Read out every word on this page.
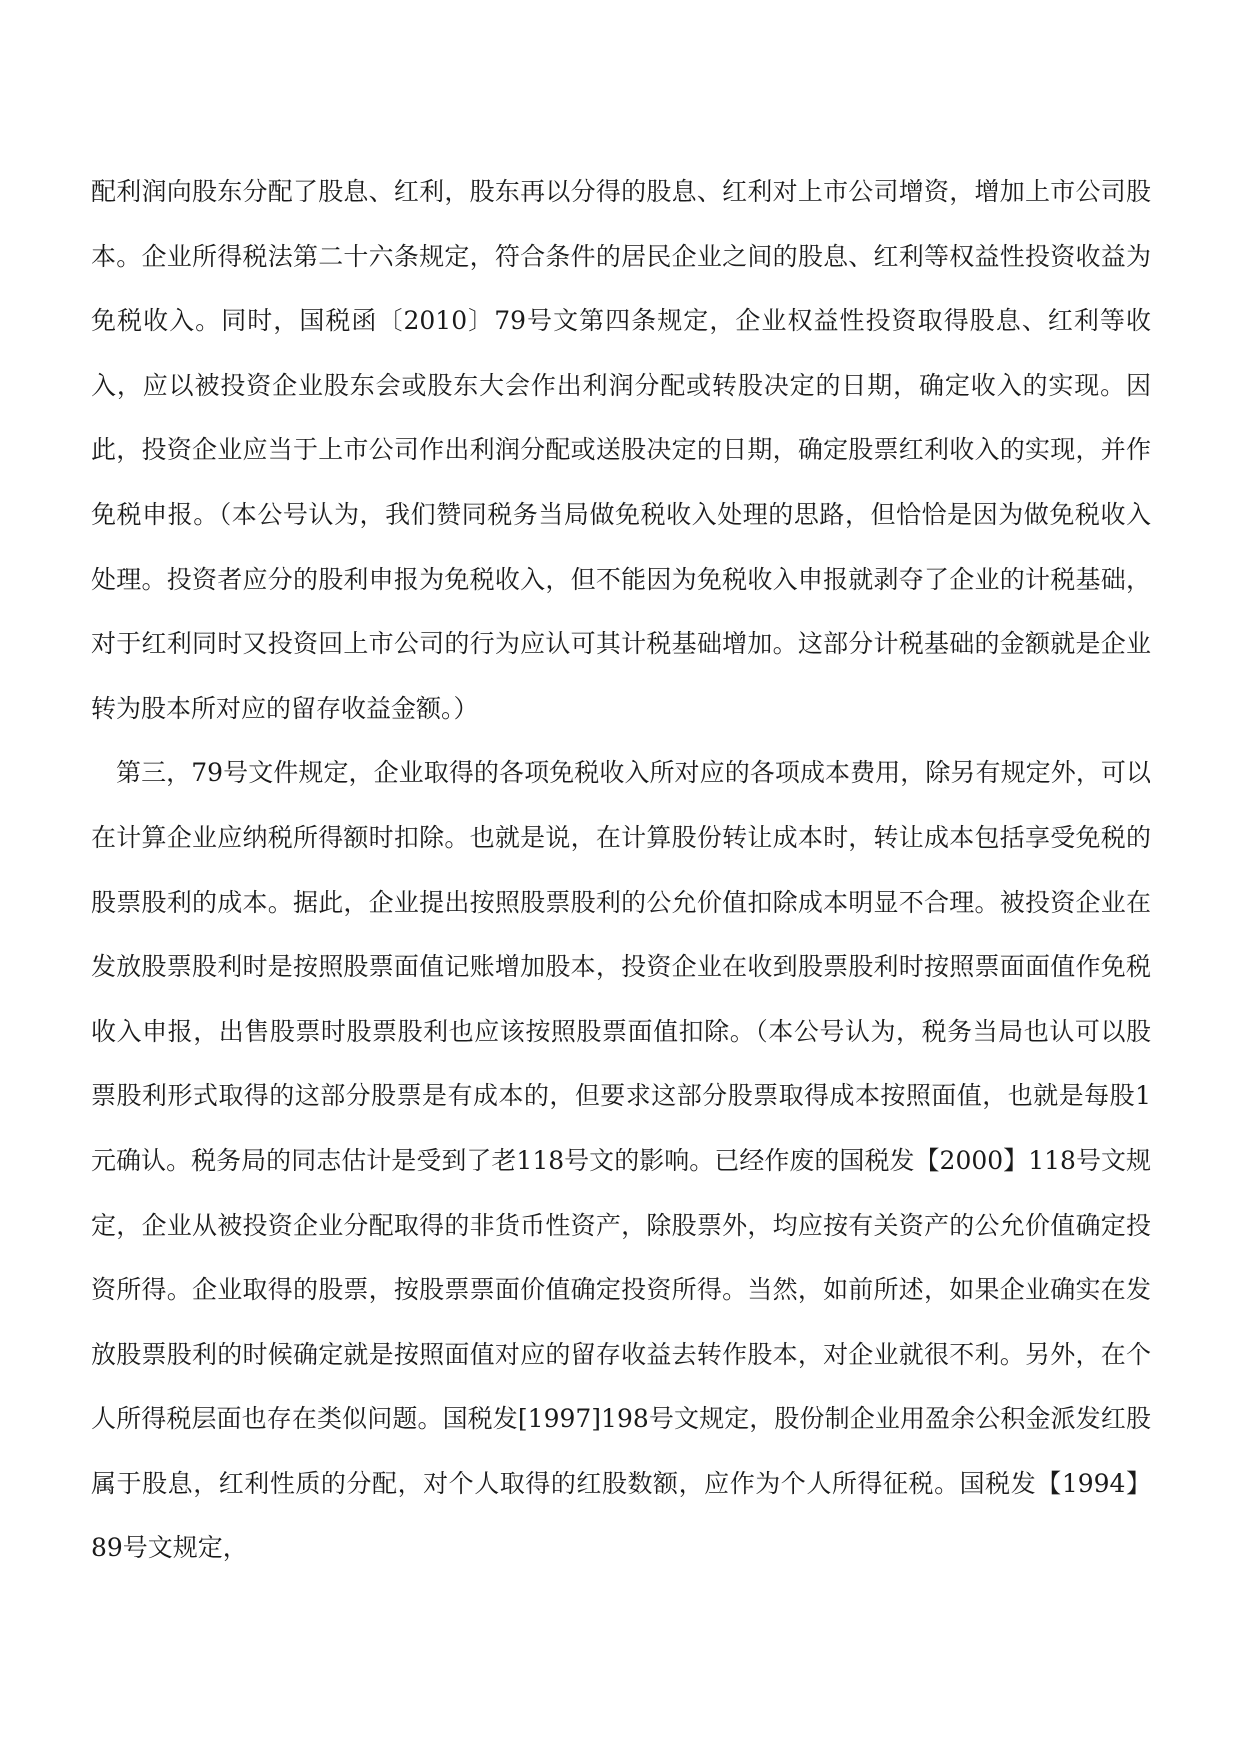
配利润向股东分配了股息、红利，股东再以分得的股息、红利对上市公司增资，增加上市公司股本。企业所得税法第二十六条规定，符合条件的居民企业之间的股息、红利等权益性投资收益为免税收入。同时，国税函〔2010〕79号文第四条规定，企业权益性投资取得股息、红利等收入，应以被投资企业股东会或股东大会作出利润分配或转股决定的日期，确定收入的实现。因此，投资企业应当于上市公司作出利润分配或送股决定的日期，确定股票红利收入的实现，并作免税申报。（本公号认为，我们赞同税务当局做免税收入处理的思路，但恰恰是因为做免税收入处理。投资者应分的股利申报为免税收入，但不能因为免税收入申报就剥夺了企业的计税基础，对于红利同时又投资回上市公司的行为应认可其计税基础增加。这部分计税基础的金额就是企业转为股本所对应的留存收益金额。）

第三，79号文件规定，企业取得的各项免税收入所对应的各项成本费用，除另有规定外，可以在计算企业应纳税所得额时扣除。也就是说，在计算股份转让成本时，转让成本包括享受免税的股票股利的成本。据此，企业提出按照股票股利的公允价值扣除成本明显不合理。被投资企业在发放股票股利时是按照股票面值记账增加股本，投资企业在收到股票股利时按照票面面值作免税收入申报，出售股票时股票股利也应该按照股票面值扣除。（本公号认为，税务当局也认可以股票股利形式取得的这部分股票是有成本的，但要求这部分股票取得成本按照面值，也就是每股1元确认。税务局的同志估计是受到了老118号文的影响。已经作废的国税发【2000】118号文规定，企业从被投资企业分配取得的非货币性资产，除股票外，均应按有关资产的公允价值确定投资所得。企业取得的股票，按股票票面价值确定投资所得。当然，如前所述，如果企业确实在发放股票股利的时候确定就是按照面值对应的留存收益去转作股本，对企业就很不利。另外，在个人所得税层面也存在类似问题。国税发[1997]198号文规定，股份制企业用盈余公积金派发红股属于股息，红利性质的分配，对个人取得的红股数额，应作为个人所得征税。国税发【1994】89号文规定，
